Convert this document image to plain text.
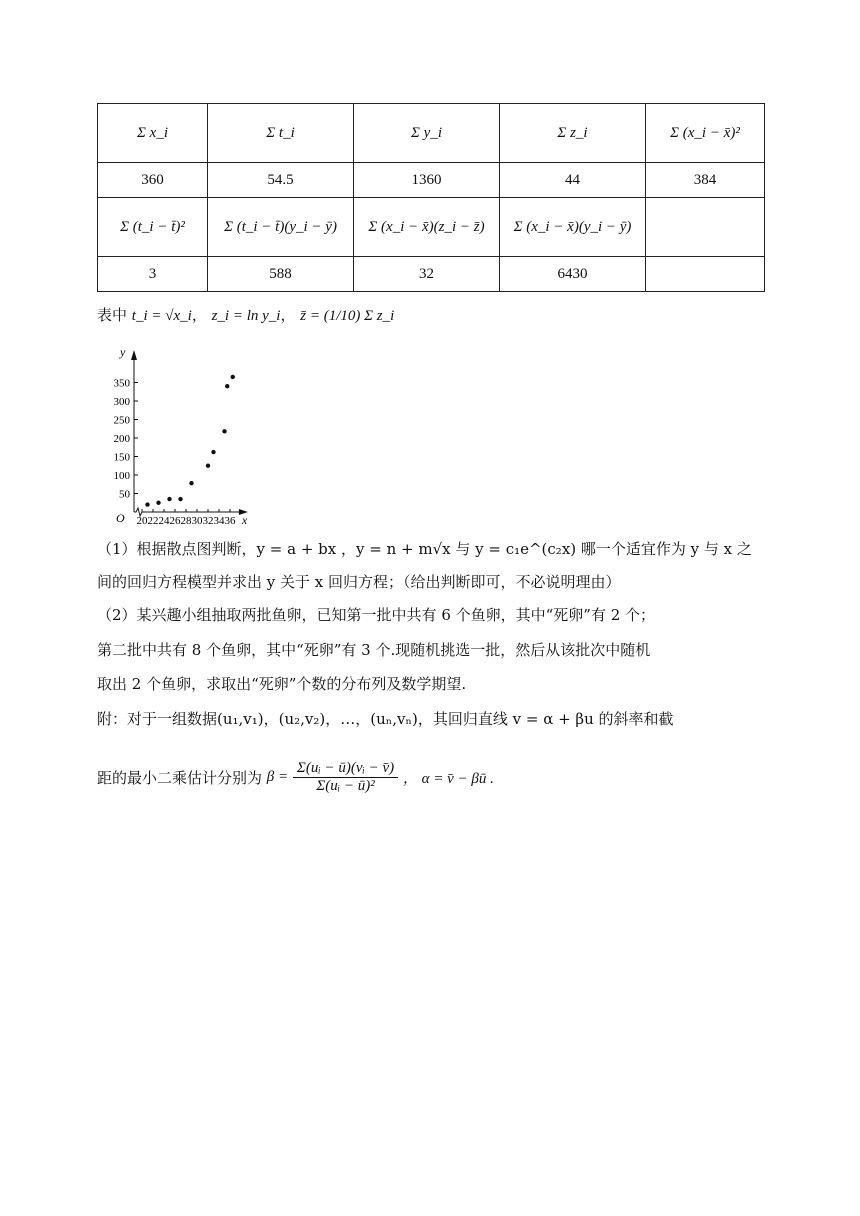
Σ x_i	Σ t_i	Σ y_i	Σ z_i	Σ (x_i − x̄)²
360	54.5	1360	44	384
Σ (t_i − t̄)²	Σ (t_i − t̄)(y_i − ȳ)	Σ (x_i − x̄)(z_i − z̄)	Σ (x_i − x̄)(y_i − ȳ)	
3	588	32	6430	
表中 t_i = √x_i， z_i = ln y_i， z̄ = (1/10) Σ z_i
y
x
O
50
100
150
200
250
300
350
20 22 24 26 28 30 32 34 36
（1）根据散点图判断，y = a + bx ，y = n + m√x 与 y = c₁e^(c₂x) 哪一个适宜作为 y 与 x 之
间的回归方程模型并求出 y 关于 x 回归方程；（给出判断即可，不必说明理由）
（2）某兴趣小组抽取两批鱼卵，已知第一批中共有 6 个鱼卵，其中“死卵”有 2 个；
第二批中共有 8 个鱼卵，其中“死卵”有 3 个.现随机挑选一批，然后从该批次中随机
取出 2 个鱼卵，求取出“死卵”个数的分布列及数学期望.
附：对于一组数据(u₁,v₁)，(u₂,v₂)，…，(uₙ,vₙ)，其回归直线 v = α + βu 的斜率和截
距的最小二乘估计分别为 $\beta = \frac{\text{Σ(uᵢ − ū)(vᵢ − v̄)}}{\text{Σ(uᵢ − ū)²}}$ ， α = v̄ − βū .
